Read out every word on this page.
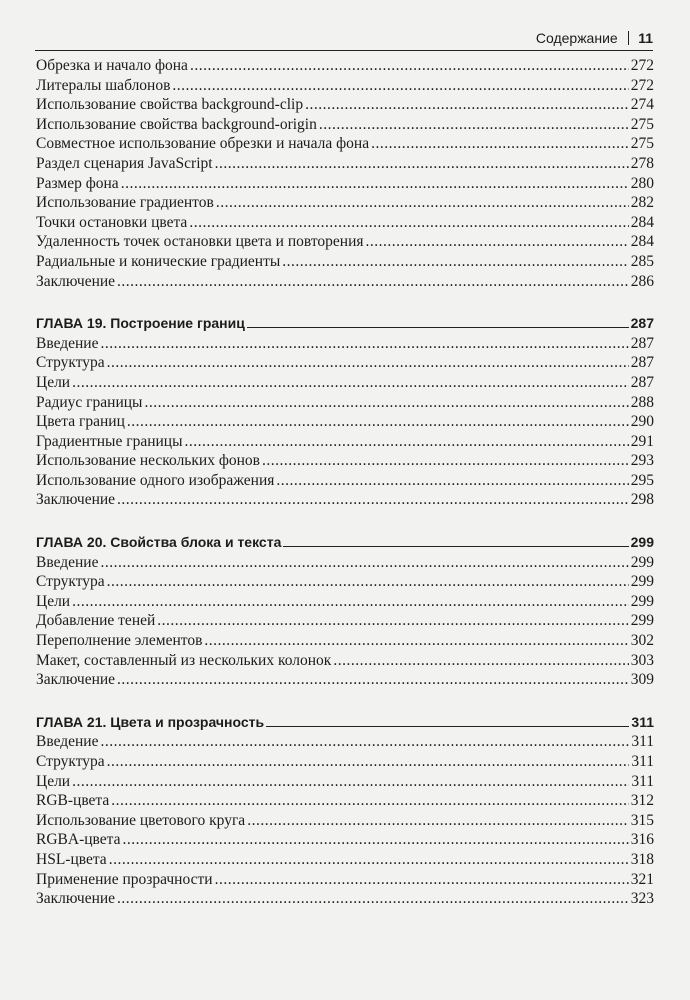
Содержание 11
Обрезка и начало фона .....	272
Литералы шаблонов .....	272
Использование свойства background-clip .....	274
Использование свойства background-origin .....	275
Совместное использование обрезки и начала фона .....	275
Раздел сценария JavaScript .....	278
Размер фона .....	280
Использование градиентов .....	282
Точки остановки цвета .....	284
Удаленность точек остановки цвета и повторения .....	284
Радиальные и конические градиенты .....	285
Заключение .....	286
ГЛАВА 19. Построение границ	287
Введение .....	287
Структура .....	287
Цели .....	287
Радиус границы .....	288
Цвета границ .....	290
Градиентные границы .....	291
Использование нескольких фонов .....	293
Использование одного изображения .....	295
Заключение .....	298
ГЛАВА 20. Свойства блока и текста	299
Введение .....	299
Структура .....	299
Цели .....	299
Добавление теней .....	299
Переполнение элементов .....	302
Макет, составленный из нескольких колонок .....	303
Заключение .....	309
ГЛАВА 21. Цвета и прозрачность	311
Введение .....	311
Структура .....	311
Цели .....	311
RGB-цвета .....	312
Использование цветового круга .....	315
RGBA-цвета .....	316
HSL-цвета .....	318
Применение прозрачности .....	321
Заключение .....	323
